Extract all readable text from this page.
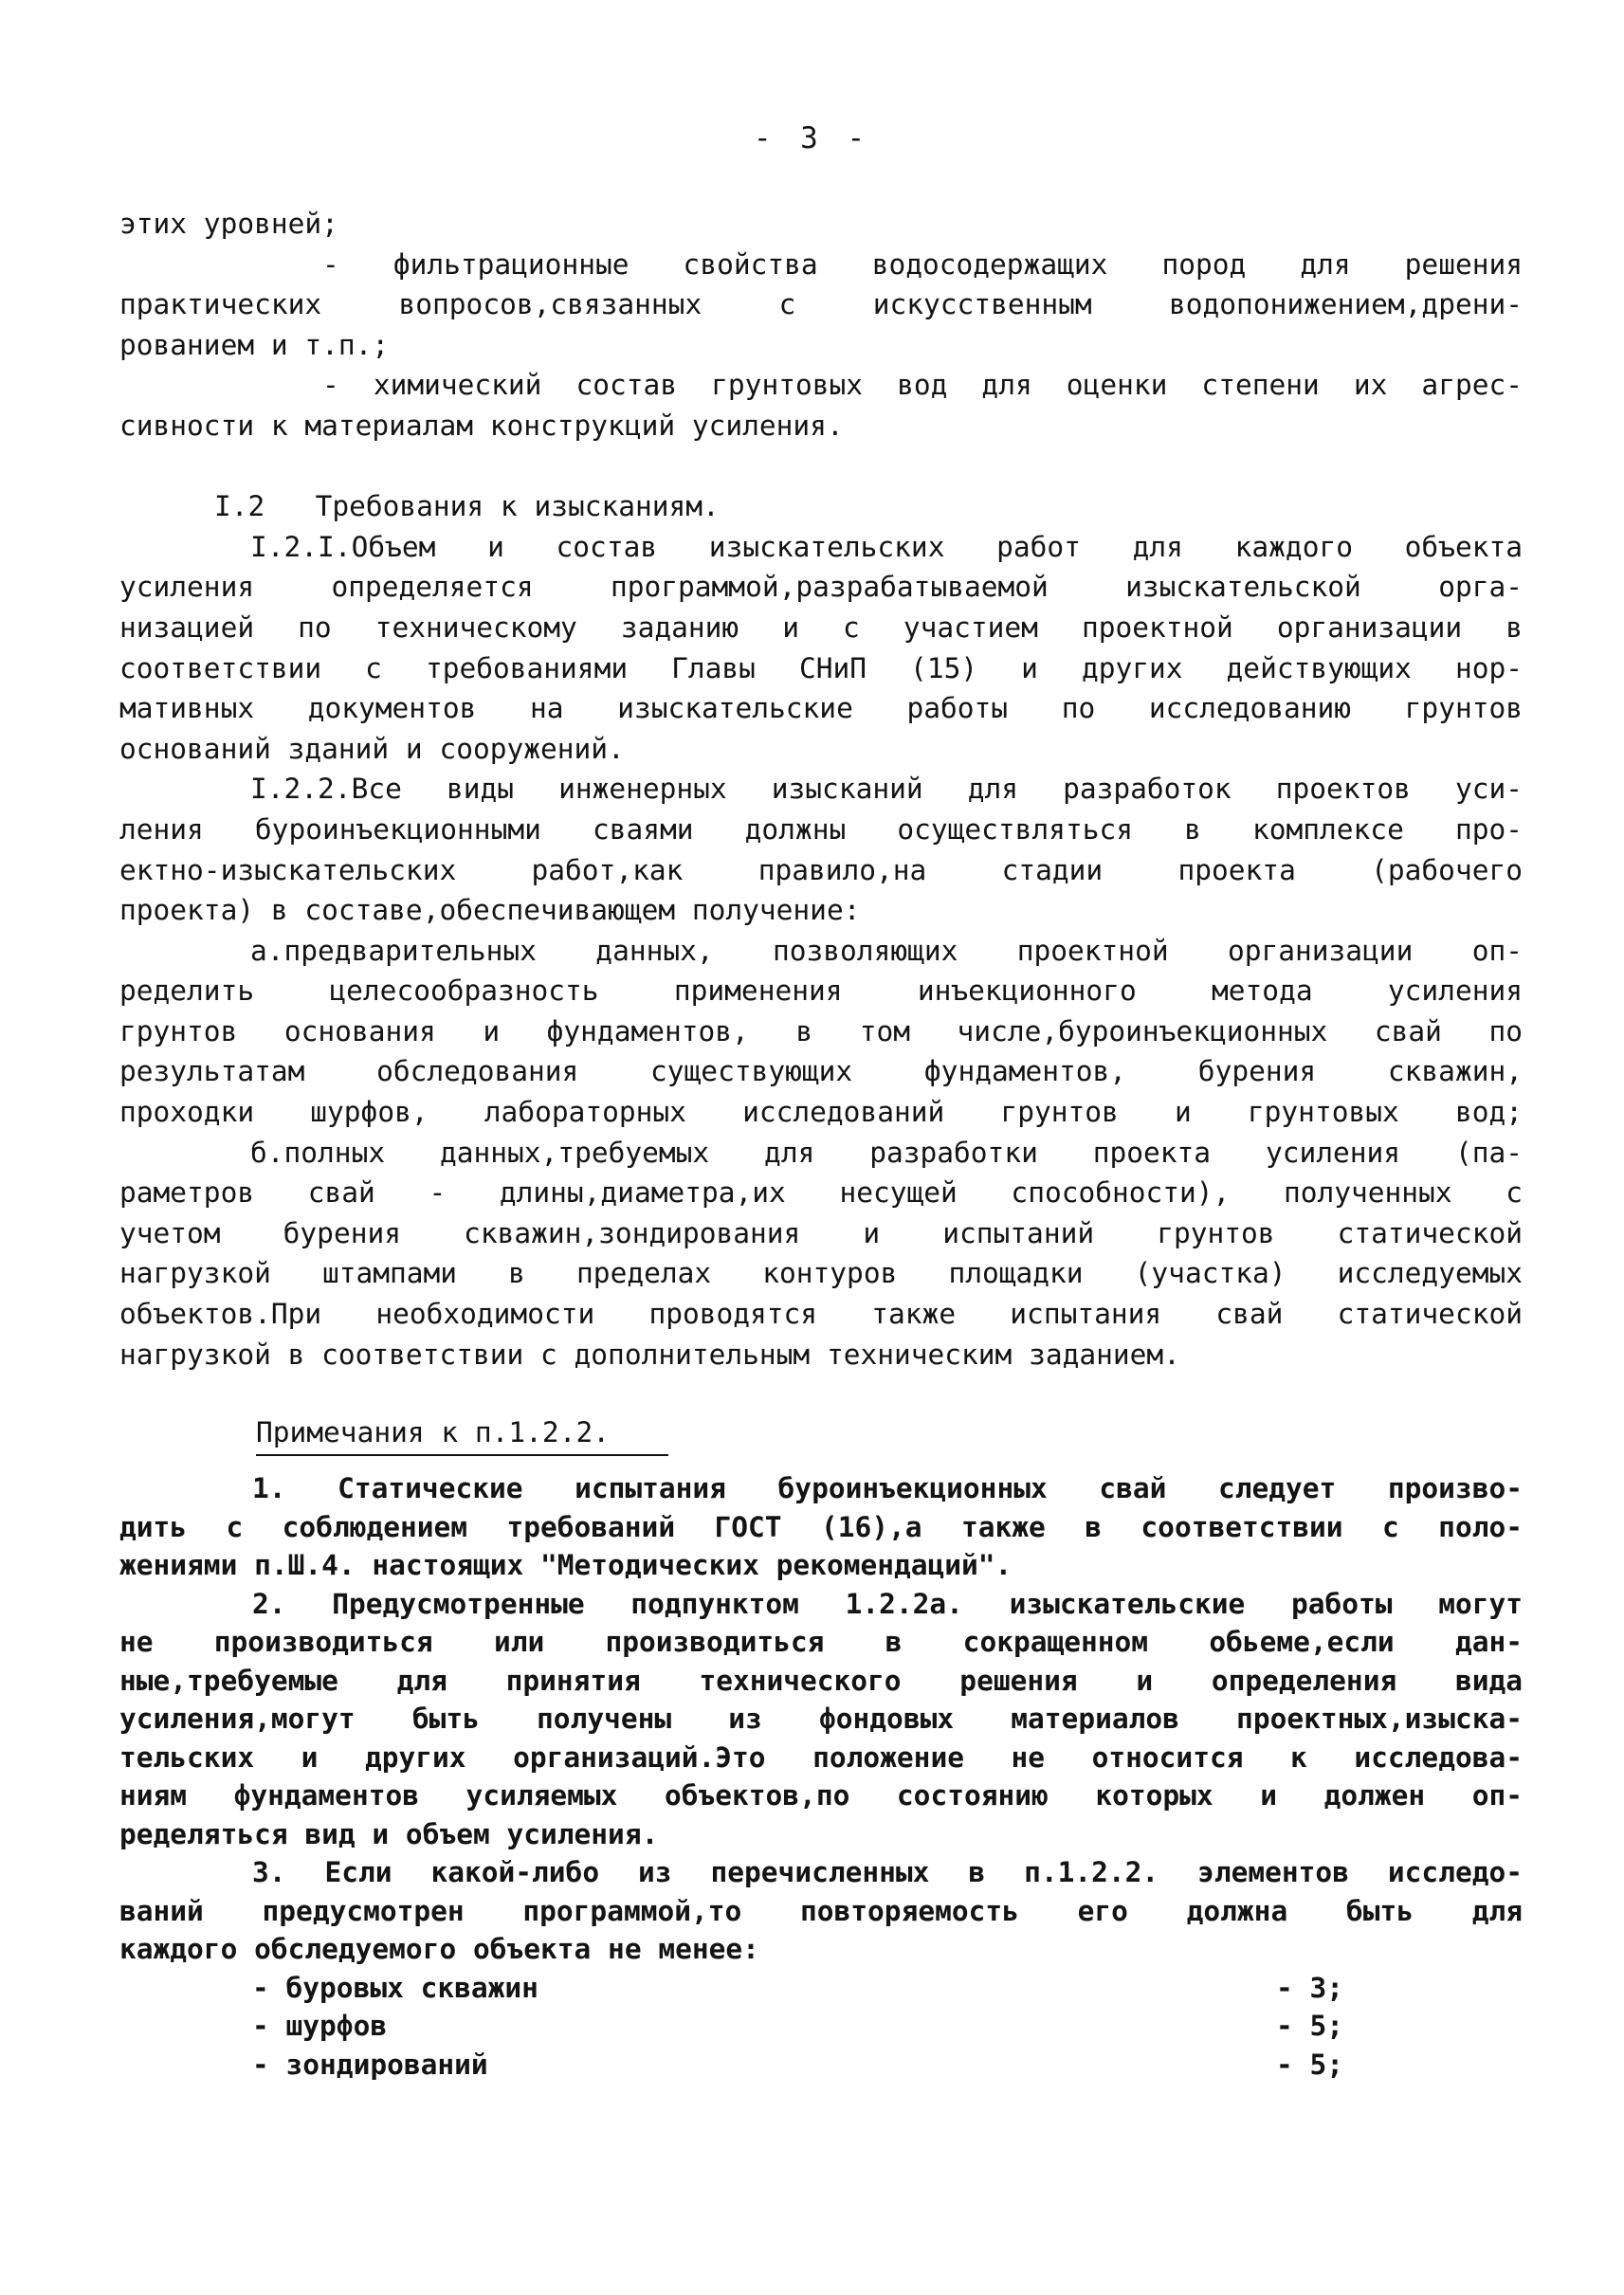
- 3 -
этих уровней;
- фильтрационные свойства водосодержащих пород для решения
практических вопросов,связанных с искусственным водопонижением,дрени-
рованием и т.п.;
- химический состав грунтовых вод для оценки степени их агрес-
сивности к материалам конструкций усиления.
I.2   Требования к изысканиям.
I.2.I.Объем и состав изыскательских работ для каждого объекта
усиления определяется программой,разрабатываемой изыскательской орга-
низацией по техническому заданию и с участием проектной организации в
соответствии с требованиями Главы СНиП (15) и других действующих нор-
мативных документов на изыскательские работы по исследованию грунтов
оснований зданий и сооружений.
I.2.2.Все виды инженерных изысканий для разработок проектов уси-
ления буроинъекционными сваями должны осуществляться в комплексе про-
ектно-изыскательских работ,как правило,на стадии проекта (рабочего
проекта) в составе,обеспечивающем получение:
а.предварительных данных, позволяющих проектной организации оп-
ределить целесообразность применения инъекционного метода усиления
грунтов основания и фундаментов, в том числе,буроинъекционных свай по
результатам обследования существующих фундаментов, бурения скважин,
проходки шурфов, лабораторных исследований грунтов и грунтовых вод;
б.полных данных,требуемых для разработки проекта усиления (па-
раметров свай - длины,диаметра,их несущей способности), полученных с
учетом бурения скважин,зондирования и испытаний грунтов статической
нагрузкой штампами в пределах контуров площадки (участка) исследуемых
объектов.При необходимости проводятся также испытания свай статической
нагрузкой в соответствии с дополнительным техническим заданием.
Примечания к п.1.2.2.
1. Статические испытания буроинъекционных свай следует произво-
дить с соблюдением требований ГОСТ (16),а также в соответствии с поло-
жениями п.Ш.4. настоящих "Методических рекомендаций".
2. Предусмотренные подпунктом 1.2.2а. изыскательские работы могут
не производиться или производиться в сокращенном обьеме,если дан-
ные,требуемые для принятия технического решения и определения вида
усиления,могут быть получены из фондовых материалов проектных,изыска-
тельских и других организаций.Это положение не относится к исследова-
ниям фундаментов усиляемых объектов,по состоянию которых и должен оп-
ределяться вид и объем усиления.
3. Если какой-либо из перечисленных в п.1.2.2. элементов исследо-
ваний предусмотрен программой,то повторяемость его должна быть для
каждого обследуемого объекта не менее:
- буровых скважин	- 3;
- шурфов	- 5;
- зондирований	- 5;
